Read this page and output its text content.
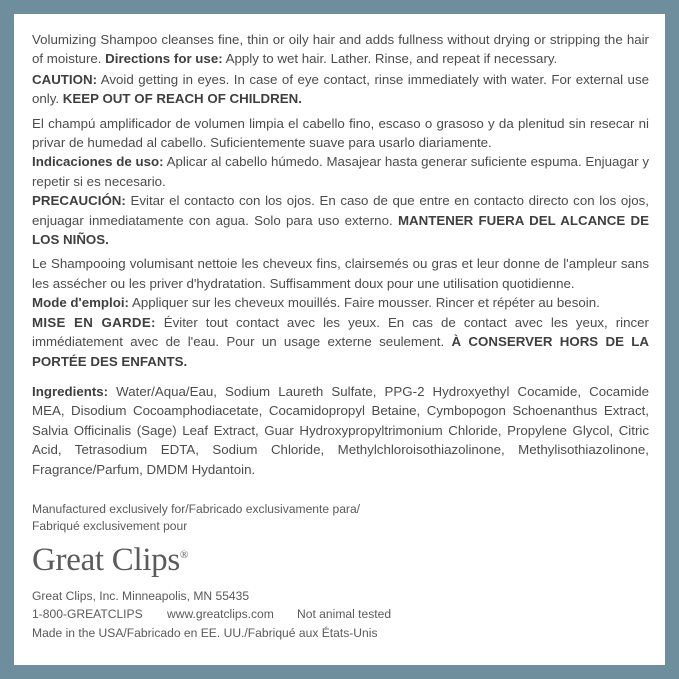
Volumizing Shampoo cleanses fine, thin or oily hair and adds fullness without drying or stripping the hair of moisture. Directions for use: Apply to wet hair. Lather. Rinse, and repeat if necessary.

CAUTION: Avoid getting in eyes. In case of eye contact, rinse immediately with water. For external use only. KEEP OUT OF REACH OF CHILDREN.

El champú amplificador de volumen limpia el cabello fino, escaso o grasoso y da plenitud sin resecar ni privar de humedad al cabello. Suficientemente suave para usarlo diariamente.

Indicaciones de uso: Aplicar al cabello húmedo. Masajear hasta generar suficiente espuma. Enjuagar y repetir si es necesario.

PRECAUCIÓN: Evitar el contacto con los ojos. En caso de que entre en contacto directo con los ojos, enjuagar inmediatamente con agua. Solo para uso externo. MANTENER FUERA DEL ALCANCE DE LOS NIÑOS.

Le Shampooing volumisant nettoie les cheveux fins, clairsemés ou gras et leur donne de l'ampleur sans les assécher ou les priver d'hydratation. Suffisamment doux pour une utilisation quotidienne.

Mode d'emploi: Appliquer sur les cheveux mouillés. Faire mousser. Rincer et répéter au besoin.

MISE EN GARDE: Éviter tout contact avec les yeux. En cas de contact avec les yeux, rincer immédiatement avec de l'eau. Pour un usage externe seulement. À CONSERVER HORS DE LA PORTÉE DES ENFANTS.

Ingredients: Water/Aqua/Eau, Sodium Laureth Sulfate, PPG-2 Hydroxyethyl Cocamide, Cocamide MEA, Disodium Cocoamphodiacetate, Cocamidopropyl Betaine, Cymbopogon Schoenanthus Extract, Salvia Officinalis (Sage) Leaf Extract, Guar Hydroxypropyltrimonium Chloride, Propylene Glycol, Citric Acid, Tetrasodium EDTA, Sodium Chloride, Methylchloroisothiazolinone, Methylisothiazolinone, Fragrance/Parfum, DMDM Hydantoin.

Manufactured exclusively for/Fabricado exclusivamente para/
Fabriqué exclusivement pour
Great Clips®
Great Clips, Inc. Minneapolis, MN 55435
1-800-GREATCLIPS www.greatclips.com Not animal tested
Made in the USA/Fabricado en EE. UU./Fabriqué aux États-Unis
